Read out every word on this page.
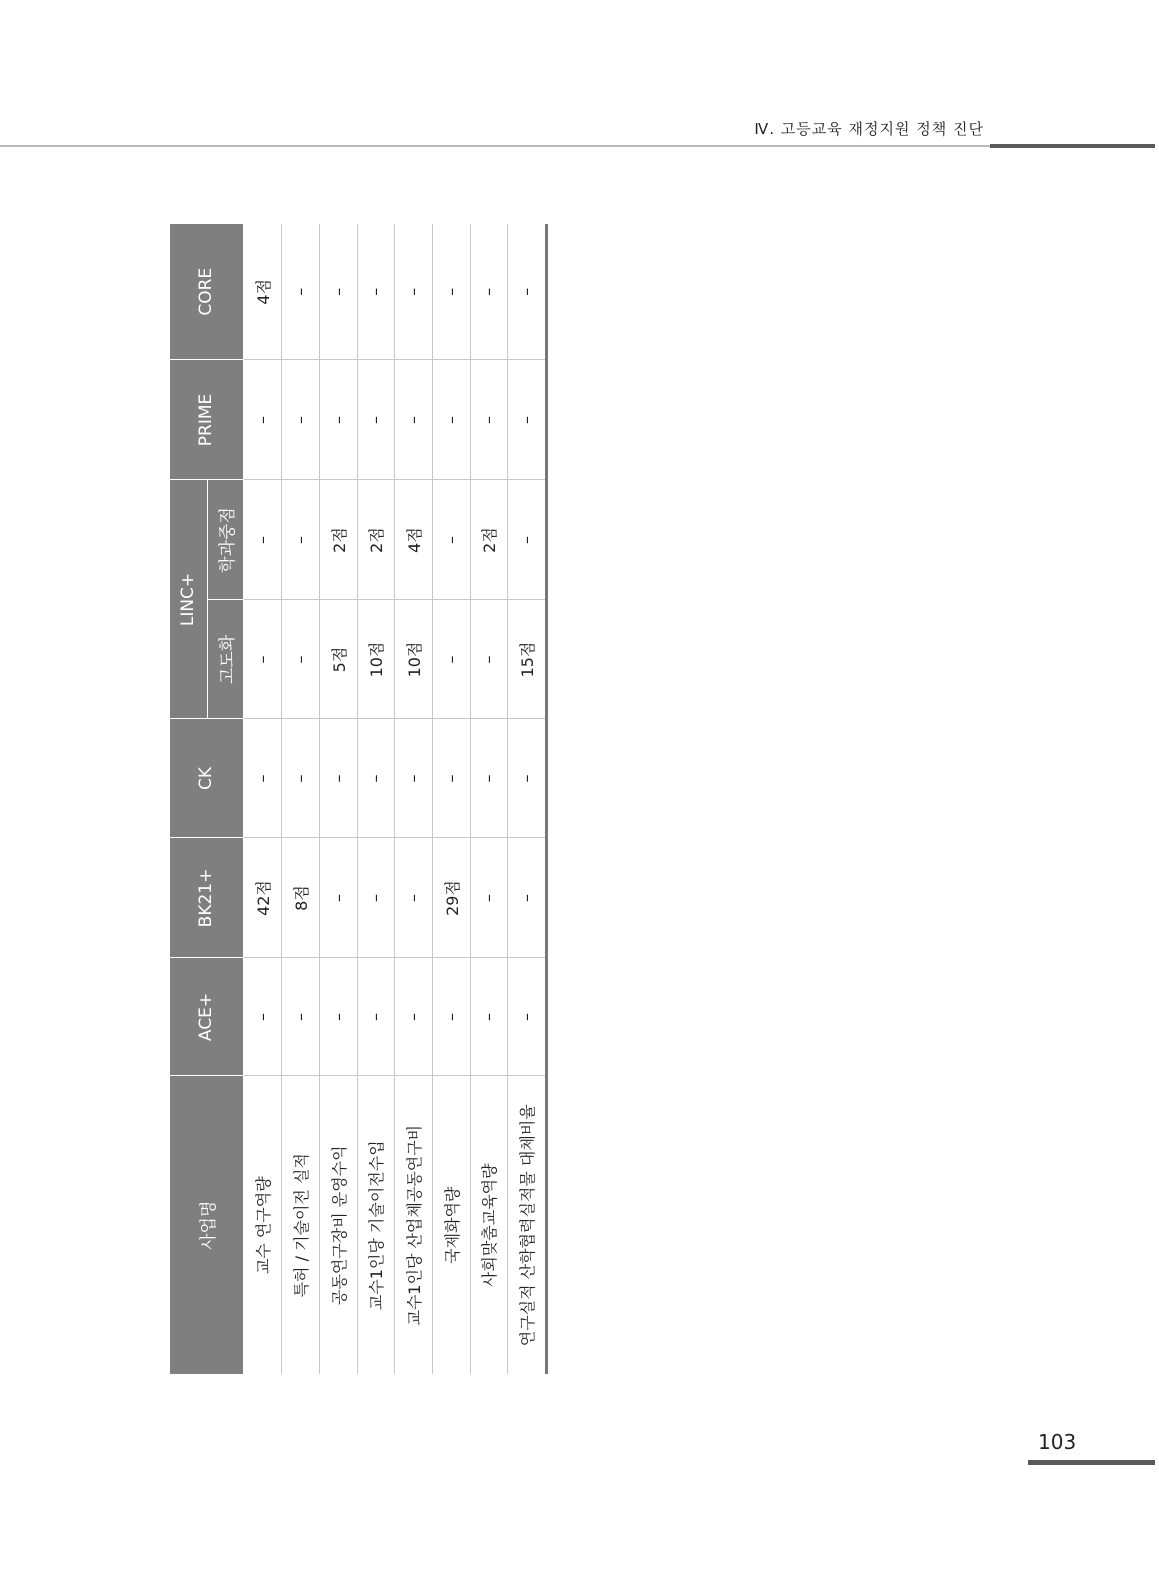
Ⅳ. 고등교육 재정지원 정책 진단
사업명	ACE+	BK21+	CK	LINC+		PRIME	CORE
				고도화	학과중점		
교수 연구역량	–	42점	–	–	–	–	4점
특허 / 기술이전 실적	–	8점	–	–	–	–	–
공동연구장비 운영수익	–	–	–	5점	2점	–	–
교수1인당 기술이전수입	–	–	–	10점	2점	–	–
교수1인당 산업체공동연구비	–	–	–	10점	4점	–	–
국제화역량	–	29점	–	–	–	–	–
사회맞춤교육역량	–	–	–	–	2점	–	–
연구실적 산학협력실적물 대체비율	–	–	–	15점	–	–	–
103
